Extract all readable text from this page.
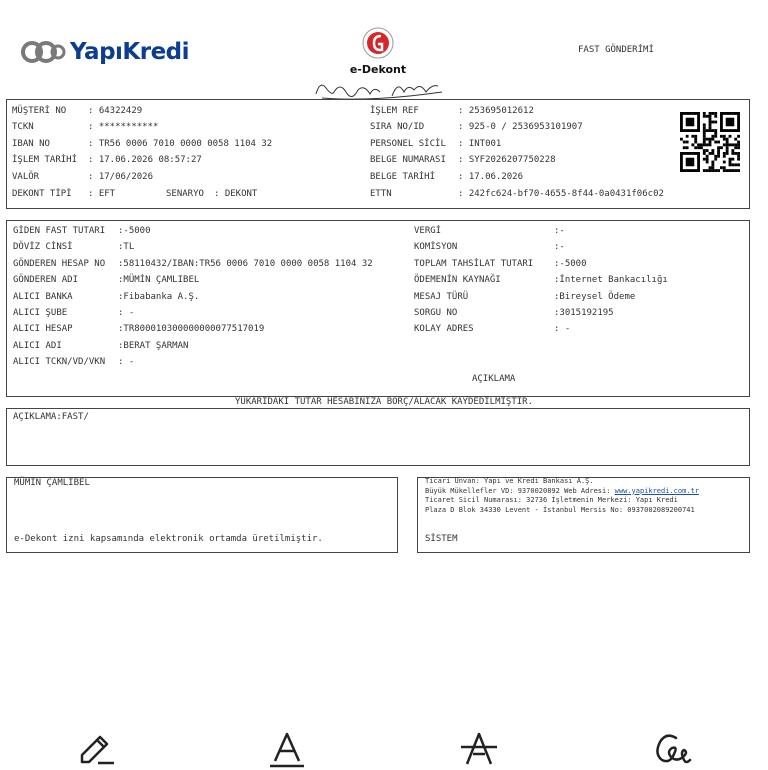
YapıKredi
e-Dekont
FAST GÖNDERİMİ
MÜŞTERİ NO : 64322429
TCKN	: ***********
IBAN NO	: TR56 0006 7010 0000 0058 1104 32
İŞLEM TARİHİ : 17.06.2026 08:57:27
VALÖR	: 17/06/2026
DEKONT TİPİ : EFT	SENARYO : DEKONT
İŞLEM REF	: 253695012612
SIRA NO/ID	: 925-0 / 2536953101907
PERSONEL SİCİL : INT001
BELGE NUMARASI : SYF2026207750228
BELGE TARİHİ	: 17.06.2026
ETTN	: 242fc624-bf70-4655-8f44-0a0431f06c02
GİDEN FAST TUTARI :-5000
DÖVİZ CİNSİ	:TL
GÖNDEREN HESAP NO :58110432/IBAN:TR56 0006 7010 0000 0058 1104 32
GÖNDEREN ADI	:MÜMİN ÇAMLIBEL
ALICI BANKA	:Fibabanka A.Ş.
ALICI ŞUBE	: -
ALICI HESAP	:TR800010300000000077517019
ALICI ADI	:BERAT ŞARMAN
ALICI TCKN/VD/VKN : -
VERGİ	:-
KOMİSYON	:-
TOPLAM TAHSİLAT TUTARI :-5000
ÖDEMENİN KAYNAĞI	:İnternet Bankacılığı
MESAJ TÜRÜ	:Bireysel Ödeme
SORGU NO	:3015192195
KOLAY ADRES	: -
AÇIKLAMA
YUKARIDAKİ TUTAR HESABINIZA BORÇ/ALACAK KAYDEDİLMİŞTİR.
AÇIKLAMA:FAST/
MÜMİN ÇAMLIBEL
e-Dekont izni kapsamında elektronik ortamda üretilmiştir.
Ticari Unvan: Yapı ve Kredi Bankası A.Ş.
Büyük Mükellefler VD: 9370020892 Web Adresi: www.yapikredi.com.tr
Ticaret Sicil Numarası: 32736 İşletmenin Merkezi: Yapı Kredi
Plaza D Blok 34330 Levent - İstanbul Mersis No: 0937002089200741
SİSTEM
